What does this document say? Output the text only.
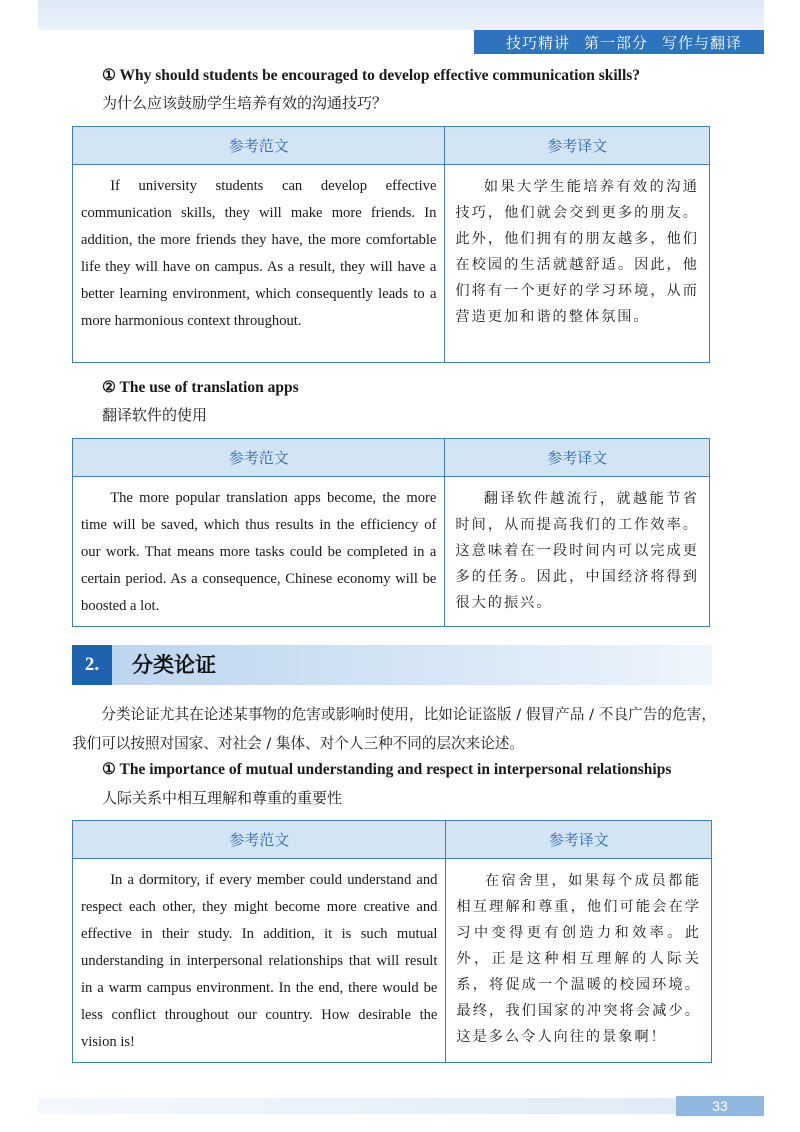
技巧精讲 第一部分 写作与翻译
① Why should students be encouraged to develop effective communication skills?
为什么应该鼓励学生培养有效的沟通技巧？
参考范文	参考译文

If university students can develop effective communication skills, they will make more friends. In addition, the more friends they have, the more comfortable life they will have on campus. As a result, they will have a better learning environment, which consequently leads to a more harmonious context throughout.	如果大学生能培养有效的沟通技巧，他们就会交到更多的朋友。此外，他们拥有的朋友越多，他们在校园的生活就越舒适。因此，他们将有一个更好的学习环境，从而营造更加和谐的整体氛围。
② The use of translation apps
翻译软件的使用
参考范文	参考译文

The more popular translation apps become, the more time will be saved, which thus results in the efficiency of our work. That means more tasks could be completed in a certain period. As a consequence, Chinese economy will be boosted a lot.	翻译软件越流行，就越能节省时间，从而提高我们的工作效率。这意味着在一段时间内可以完成更多的任务。因此，中国经济将得到很大的振兴。
2.	分类论证
分类论证尤其在论述某事物的危害或影响时使用，比如论证盗版 / 假冒产品 / 不良广告的危害，我们可以按照对国家、对社会 / 集体、对个人三种不同的层次来论述。
① The importance of mutual understanding and respect in interpersonal relationships
人际关系中相互理解和尊重的重要性
参考范文	参考译文

In a dormitory, if every member could understand and respect each other, they might become more creative and effective in their study. In addition, it is such mutual understanding in interpersonal relationships that will result in a warm campus environment. In the end, there would be less conflict throughout our country. How desirable the vision is!	在宿舍里，如果每个成员都能相互理解和尊重，他们可能会在学习中变得更有创造力和效率。此外，正是这种相互理解的人际关系，将促成一个温暖的校园环境。最终，我们国家的冲突将会减少。这是多么令人向往的景象啊！
33
